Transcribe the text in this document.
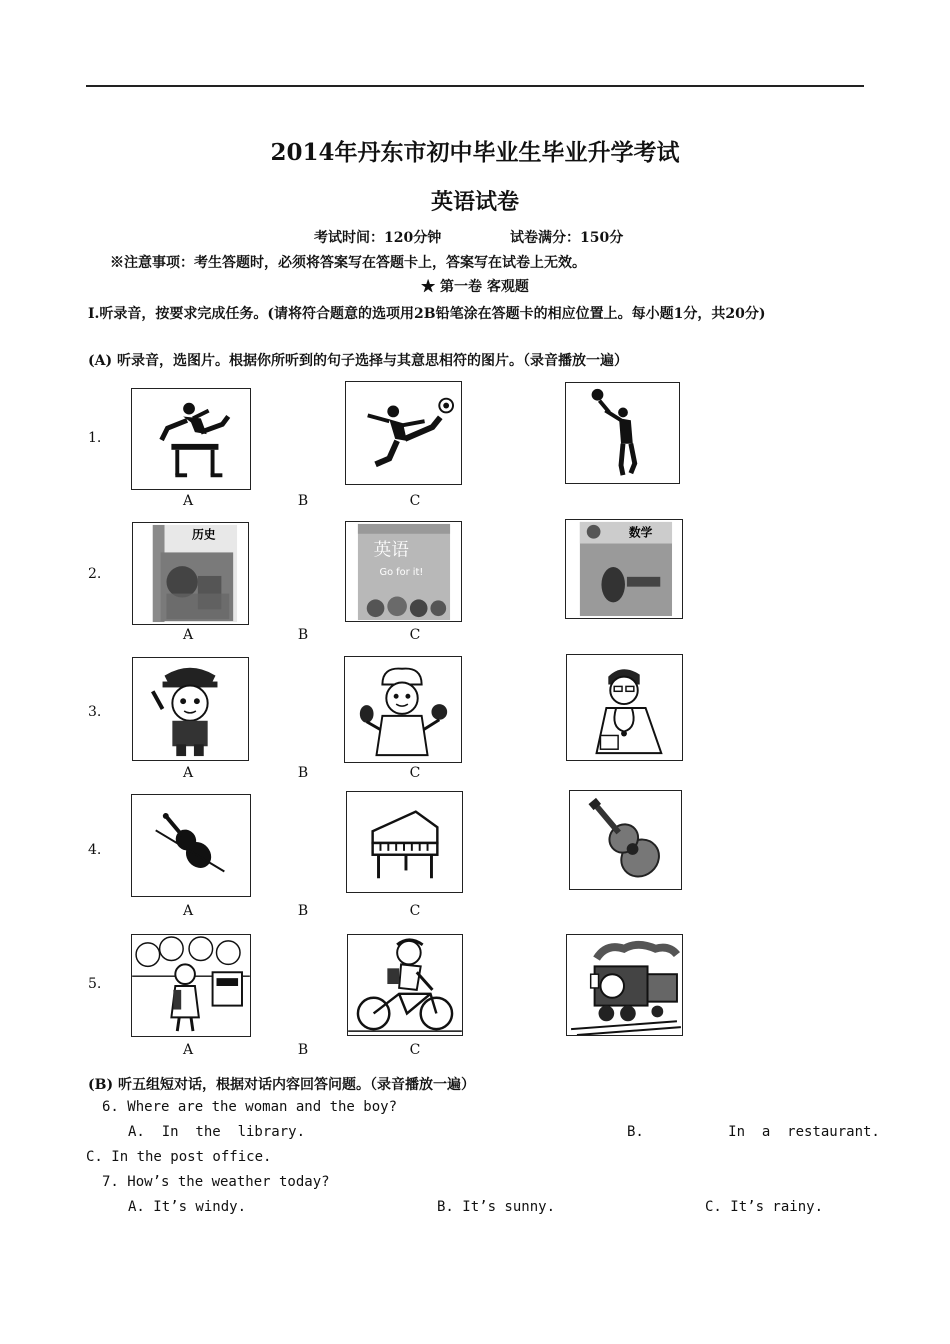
2014年丹东市初中毕业生毕业升学考试
英语试卷
考试时间：120分钟	试卷满分：150分
※注意事项：考生答题时，必须将答案写在答题卡上，答案写在试卷上无效。
★ 第一卷 客观题
Ⅰ.听录音，按要求完成任务。(请将符合题意的选项用2B铅笔涂在答题卡的相应位置上。每小题1分，共20分)
(A) 听录音，选图片。根据你所听到的句子选择与其意思相符的图片。（录音播放一遍）
1.
A	B	C
2.
历史
英语
Go for it!
数学
A	B	C
3.
A	B	C
4.
A	B	C
5.
A	B	C
(B) 听五组短对话，根据对话内容回答问题。（录音播放一遍）
6. Where are the woman and the boy?
A.  In  the  library.	B.          In  a  restaurant.
C. In the post office.
7. How’s the weather today?
A. It’s windy.	B. It’s sunny.	C. It’s rainy.
